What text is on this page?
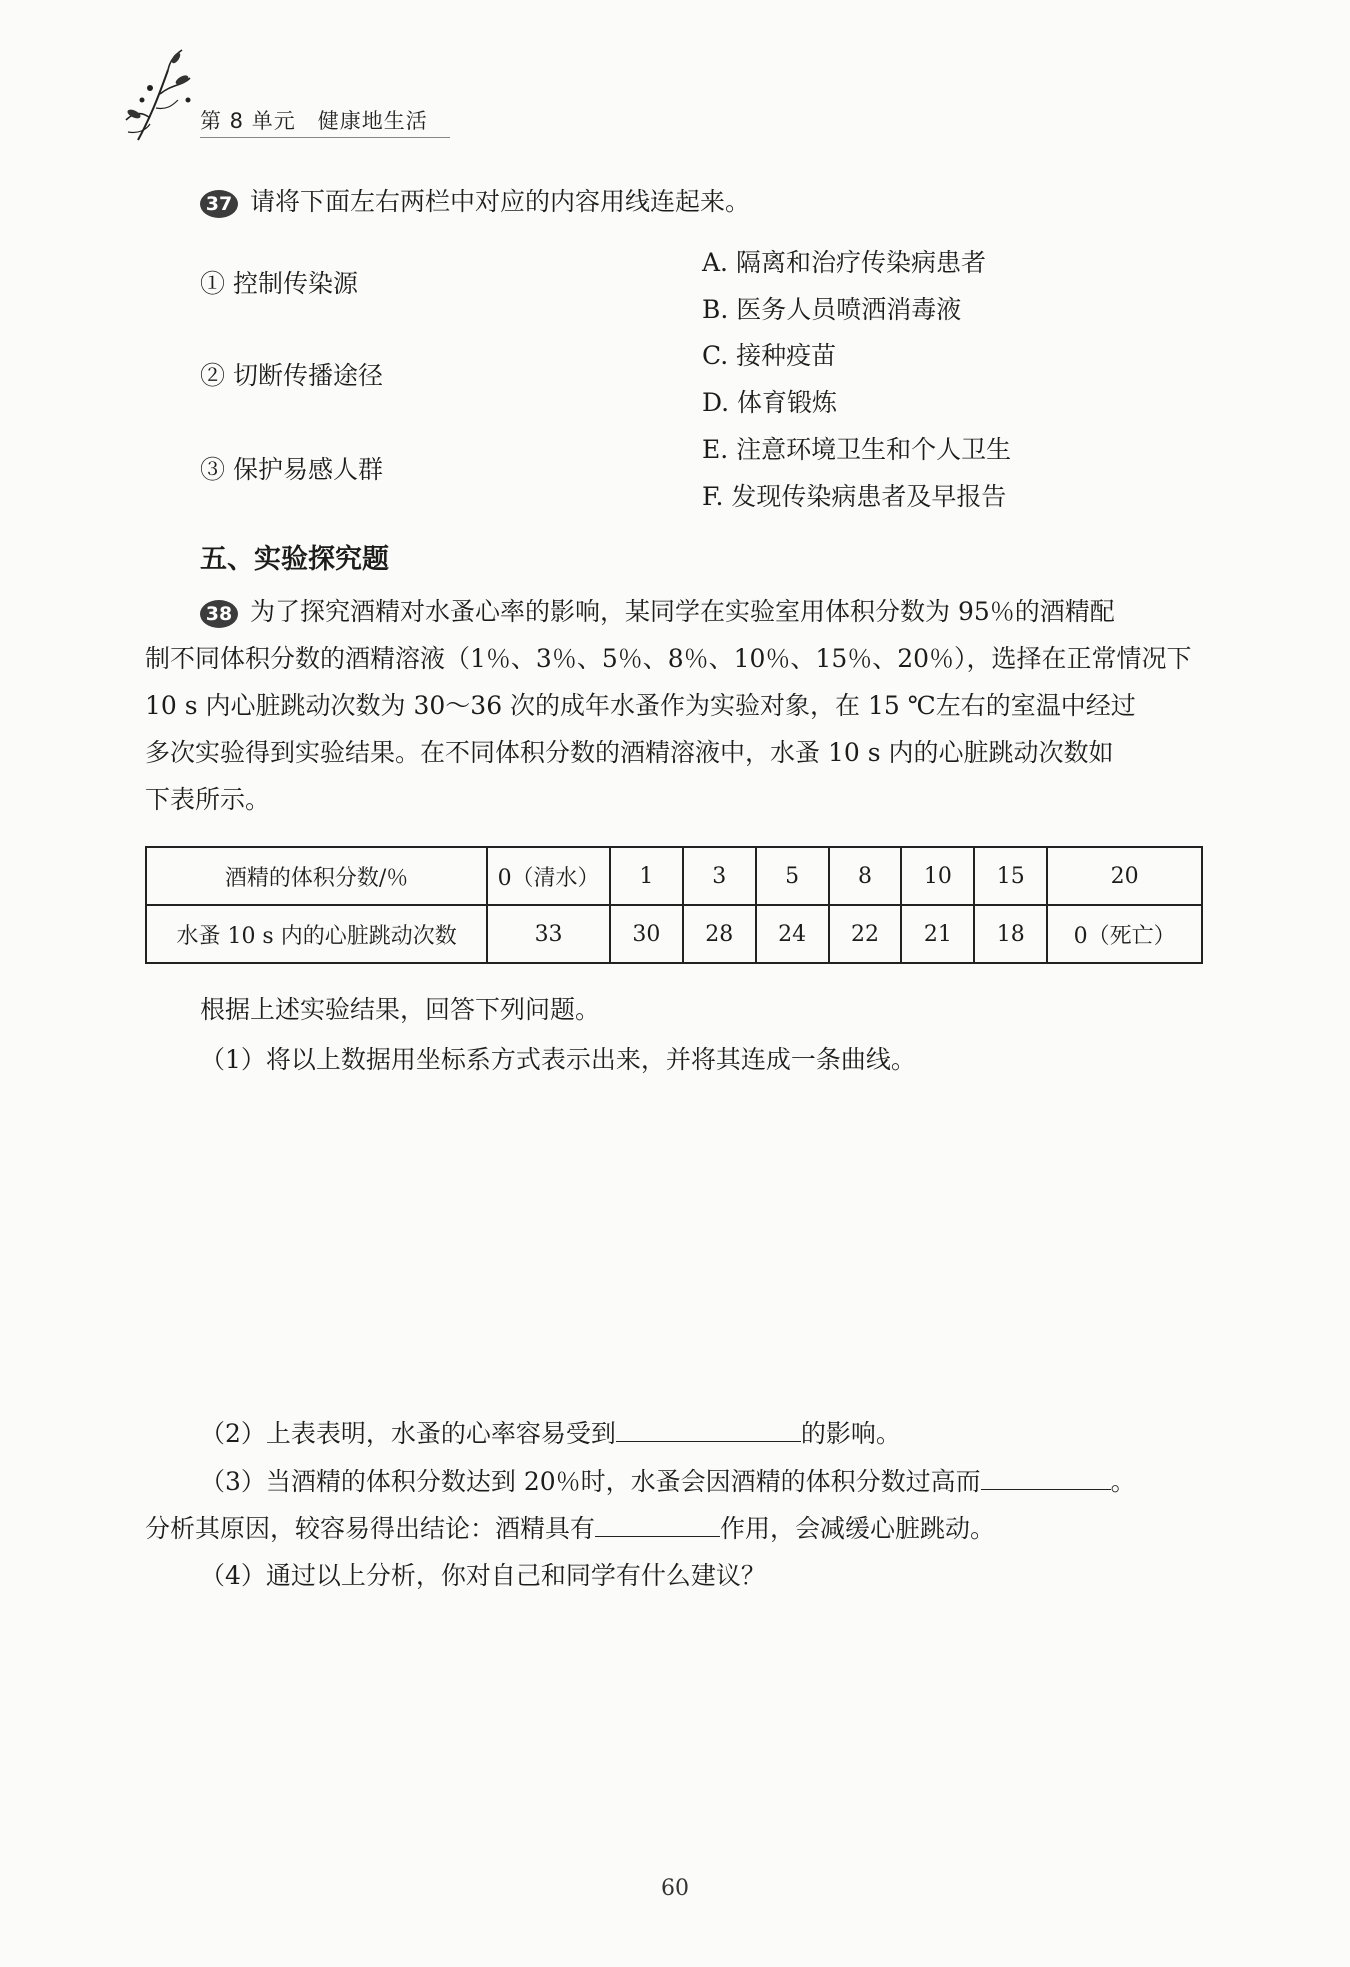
第 8 单元 健康地生活
37 请将下面左右两栏中对应的内容用线连起来。
① 控制传染源
② 切断传播途径
③ 保护易感人群
A. 隔离和治疗传染病患者
B. 医务人员喷洒消毒液
C. 接种疫苗
D. 体育锻炼
E. 注意环境卫生和个人卫生
F. 发现传染病患者及早报告
五、实验探究题

38 为了探究酒精对水蚤心率的影响，某同学在实验室用体积分数为 95％的酒精配

制不同体积分数的酒精溶液（1％、3％、5％、8％、10％、15％、20％），选择在正常情况下

10 s 内心脏跳动次数为 30～36 次的成年水蚤作为实验对象，在 15 ℃左右的室温中经过

多次实验得到实验结果。在不同体积分数的酒精溶液中，水蚤 10 s 内的心脏跳动次数如

下表所示。

酒精的体积分数/％	0（清水）	1	3	5	8	10	15	20
水蚤 10 s 内的心脏跳动次数	33	30	28	24	22	21	18	0（死亡）
根据上述实验结果，回答下列问题。
（1）将以上数据用坐标系方式表示出来，并将其连成一条曲线。
（2）上表表明，水蚤的心率容易受到	的影响。
（3）当酒精的体积分数达到 20％时，水蚤会因酒精的体积分数过高而	。
分析其原因，较容易得出结论：酒精具有	作用，会减缓心脏跳动。
（4）通过以上分析，你对自己和同学有什么建议？
60
